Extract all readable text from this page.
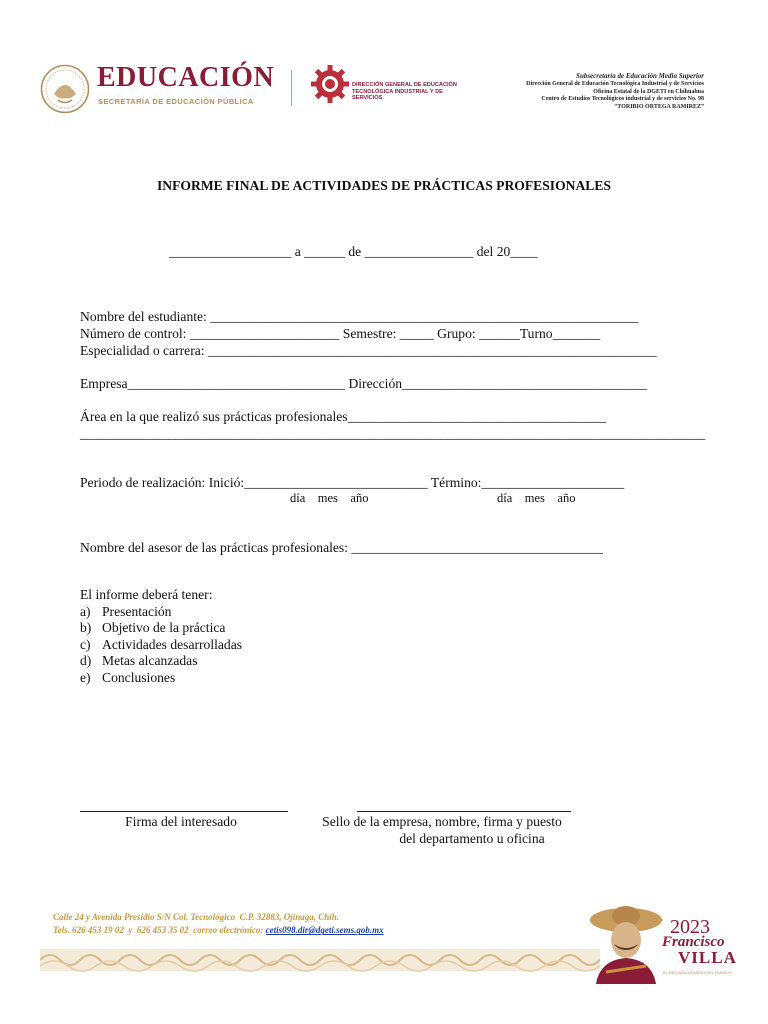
EDUCACIÓN
SECRETARÍA DE EDUCACIÓN PÚBLICA
DIRECCIÓN GENERAL DE EDUCACIÓN
TECNOLÓGICA INDUSTRIAL Y DE SERVICIOS
Subsecretaría de Educación Media Superior
Dirección General de Educación Tecnológica Industrial y de Servicios
Oficina Estatal de la DGETI en Chihuahua
Centro de Estudios Tecnológicos industrial y de servicios No. 98
“TORIBIO ORTEGA RAMIREZ”
INFORME FINAL DE ACTIVIDADES DE PRÁCTICAS PROFESIONALES
__________________ a ______ de ________________ del 20____
Nombre del estudiante: _______________________________________________________________
Número de control: ______________________ Semestre: _____ Grupo: ______Turno_______
Especialidad o carrera: __________________________________________________________________
Empresa________________________________ Dirección____________________________________
Área en la que realizó sus prácticas profesionales______________________________________
____________________________________________________________________________________________
Periodo de realización: Inició:___________________________ Término:_____________________
día    mes    año	día    mes    año
Nombre del asesor de las prácticas profesionales: _____________________________________
El informe deberá tener:
a) Presentación
b) Objetivo de la práctica
c) Actividades desarrolladas
d) Metas alcanzadas
e) Conclusiones
Firma del interesado	Sello de la empresa, nombre, firma y puesto
del departamento u oficina
Calle 24 y Avenida Presidio S/N Col. Tecnológico  C.P. 32883, Ojinaga, Chih.
Tels. 626 453 19 02  y  626 453 35 02  correo electrónico: cetis098.dir@dgeti.sems.gob.mx	2023
Francisco
VILLA
EL REVOLUCIONARIO DEL PUEBLO
